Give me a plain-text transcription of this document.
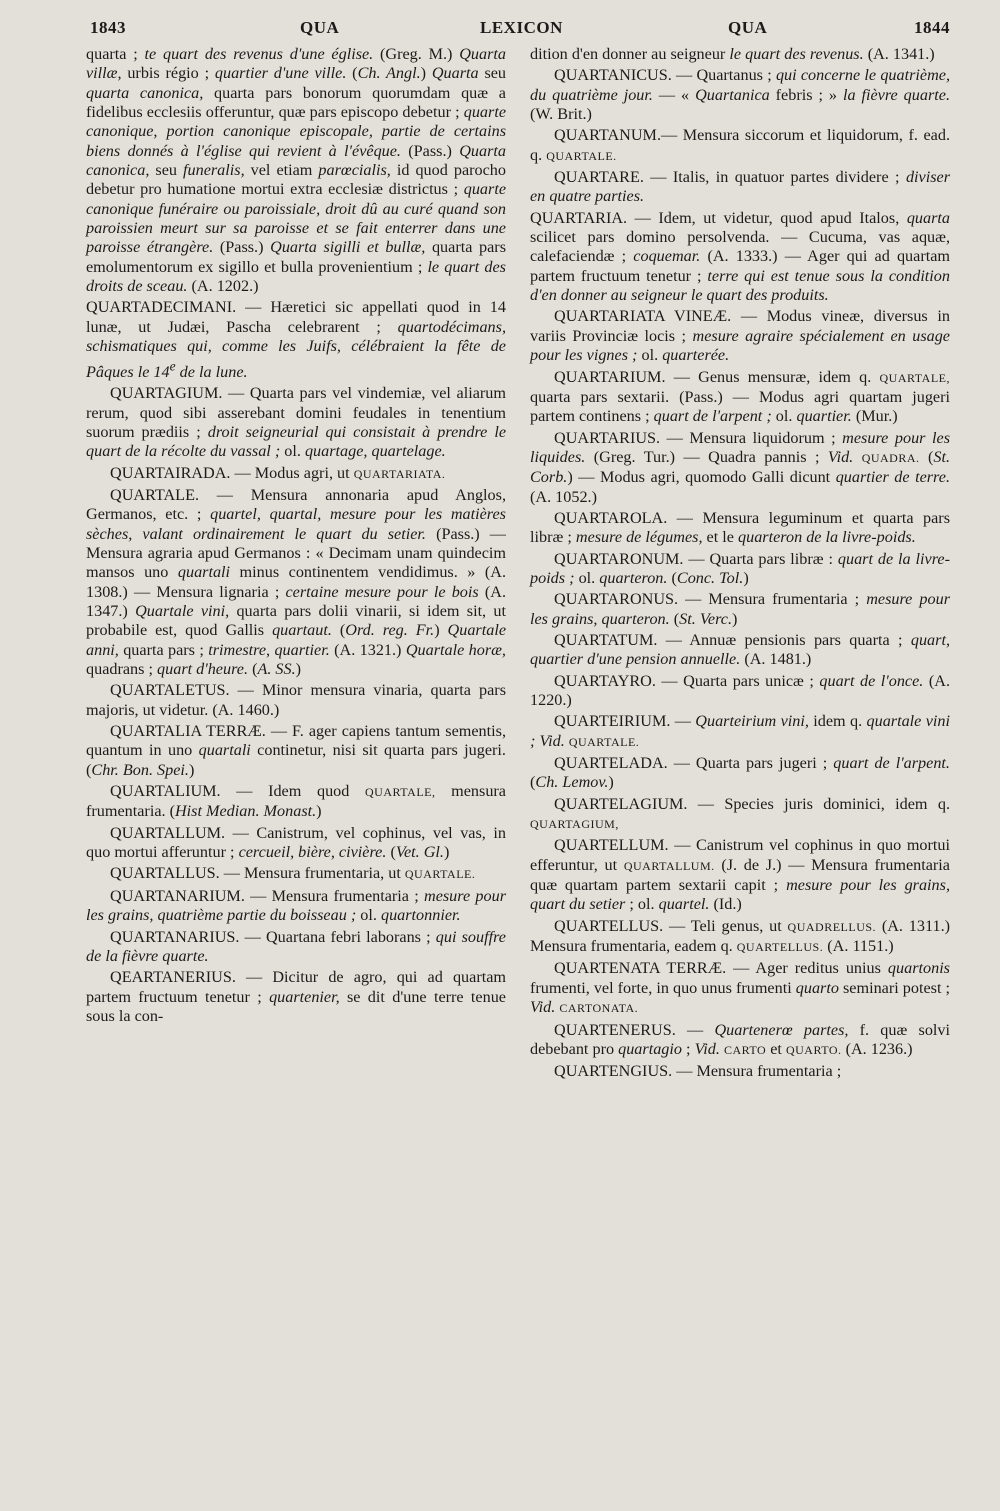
1843	QUA	LEXICON	QUA	1844

quarta ; te quart des revenus d'une église. (Greg. M.) Quarta villæ, urbis régio ; quartier d'une ville. (Ch. Angl.) Quarta seu quarta canonica, quarta pars bonorum quorumdam quæ a fidelibus ecclesiis offeruntur, quæ pars episcopo debetur ; quarte canonique, portion canonique episcopale, partie de certains biens donnés à l'église qui revient à l'évêque. (Pass.) Quarta canonica, seu funeralis, vel etiam parœcialis, id quod parocho debetur pro humatione mortui extra ecclesiæ districtus ; quarte canonique funéraire ou paroissiale, droit dû au curé quand son paroissien meurt sur sa paroisse et se fait enterrer dans une paroisse étrangère. (Pass.) Quarta sigilli et bullæ, quarta pars emolumentorum ex sigillo et bulla provenientium ; le quart des droits de sceau. (A. 1202.)

QUARTADECIMANI. — Hæretici sic appellati quod in 14 lunæ, ut Judæi, Pascha celebrarent ; quartodécimans, schismatiques qui, comme les Juifs, célébraient la fête de Pâques le 14e de la lune.

QUARTAGIUM. — Quarta pars vel vindemiæ, vel aliarum rerum, quod sibi asserebant domini feudales in tenentium suorum prædiis ; droit seigneurial qui consistait à prendre le quart de la récolte du vassal ; ol. quartage, quartelage.

QUARTAIRADA. — Modus agri, ut QUARTARIATA.

QUARTALE. — Mensura annonaria apud Anglos, Germanos, etc. ; quartel, quartal, mesure pour les matières sèches, valant ordinairement le quart du setier. (Pass.) — Mensura agraria apud Germanos : « Decimam unam quindecim mansos uno quartali minus continentem vendidimus. » (A. 1308.) — Mensura lignaria ; certaine mesure pour le bois (A. 1347.) Quartale vini, quarta pars dolii vinarii, si idem sit, ut probabile est, quod Gallis quartaut. (Ord. reg. Fr.) Quartale anni, quarta pars ; trimestre, quartier. (A. 1321.) Quartale horæ, quadrans ; quart d'heure. (A. SS.)

QUARTALETUS. — Minor mensura vinaria, quarta pars majoris, ut videtur. (A. 1460.)

QUARTALIA TERRÆ. — F. ager capiens tantum sementis, quantum in uno quartali continetur, nisi sit quarta pars jugeri. (Chr. Bon. Spei.)

QUARTALIUM. — Idem quod QUARTALE, mensura frumentaria. (Hist Median. Monast.)

QUARTALLUM. — Canistrum, vel cophinus, vel vas, in quo mortui afferuntur ; cercueil, bière, civière. (Vet. Gl.)

QUARTALLUS. — Mensura frumentaria, ut QUARTALE.

QUARTANARIUM. — Mensura frumentaria ; mesure pour les grains, quatrième partie du boisseau ; ol. quartonnier.

QUARTANARIUS. — Quartana febri laborans ; qui souffre de la fièvre quarte.

QEARTANERIUS. — Dicitur de agro, qui ad quartam partem fructuum tenetur ; quartenier, se dit d'une terre tenue sous la con-

dition d'en donner au seigneur le quart des revenus. (A. 1341.)

QUARTANICUS. — Quartanus ; qui concerne le quatrième, du quatrième jour. — « Quartanica febris ; » la fièvre quarte. (W. Brit.)

QUARTANUM.— Mensura siccorum et liquidorum, f. ead. q. QUARTALE.

QUARTARE. — Italis, in quatuor partes dividere ; diviser en quatre parties.

QUARTARIA. — Idem, ut videtur, quod apud Italos, quarta scilicet pars domino persolvenda. — Cucuma, vas aquæ, calefaciendæ ; coquemar. (A. 1333.) — Ager qui ad quartam partem fructuum tenetur ; terre qui est tenue sous la condition d'en donner au seigneur le quart des produits.

QUARTARIATA VINEÆ. — Modus vineæ, diversus in variis Provinciæ locis ; mesure agraire spécialement en usage pour les vignes ; ol. quarterée.

QUARTARIUM. — Genus mensuræ, idem q. QUARTALE, quarta pars sextarii. (Pass.) — Modus agri quartam jugeri partem continens ; quart de l'arpent ; ol. quartier. (Mur.)

QUARTARIUS. — Mensura liquidorum ; mesure pour les liquides. (Greg. Tur.) — Quadra pannis ; Vid. QUADRA. (St. Corb.) — Modus agri, quomodo Galli dicunt quartier de terre. (A. 1052.)

QUARTAROLA. — Mensura leguminum et quarta pars libræ ; mesure de légumes, et le quarteron de la livre-poids.

QUARTARONUM. — Quarta pars libræ : quart de la livre-poids ; ol. quarteron. (Conc. Tol.)

QUARTARONUS. — Mensura frumentaria ; mesure pour les grains, quarteron. (St. Verc.)

QUARTATUM. — Annuæ pensionis pars quarta ; quart, quartier d'une pension annuelle. (A. 1481.)

QUARTAYRO. — Quarta pars unicæ ; quart de l'once. (A. 1220.)

QUARTEIRIUM. — Quarteirium vini, idem q. quartale vini ; Vid. QUARTALE.

QUARTELADA. — Quarta pars jugeri ; quart de l'arpent. (Ch. Lemov.)

QUARTELAGIUM. — Species juris dominici, idem q. QUARTAGIUM,

QUARTELLUM. — Canistrum vel cophinus in quo mortui efferuntur, ut QUARTALLUM. (J. de J.) — Mensura frumentaria quæ quartam partem sextarii capit ; mesure pour les grains, quart du setier ; ol. quartel. (Id.)

QUARTELLUS. — Teli genus, ut QUADRELLUS. (A. 1311.) Mensura frumentaria, eadem q. QUARTELLUS. (A. 1151.)

QUARTENATA TERRÆ. — Ager reditus unius quartonis frumenti, vel forte, in quo unus frumenti quarto seminari potest ; Vid. CARTONATA.

QUARTENERUS. — Quartenerœ partes, f. quæ solvi debebant pro quartagio ; Vid. CARTO et QUARTO. (A. 1236.)

QUARTENGIUS. — Mensura frumentaria ;
